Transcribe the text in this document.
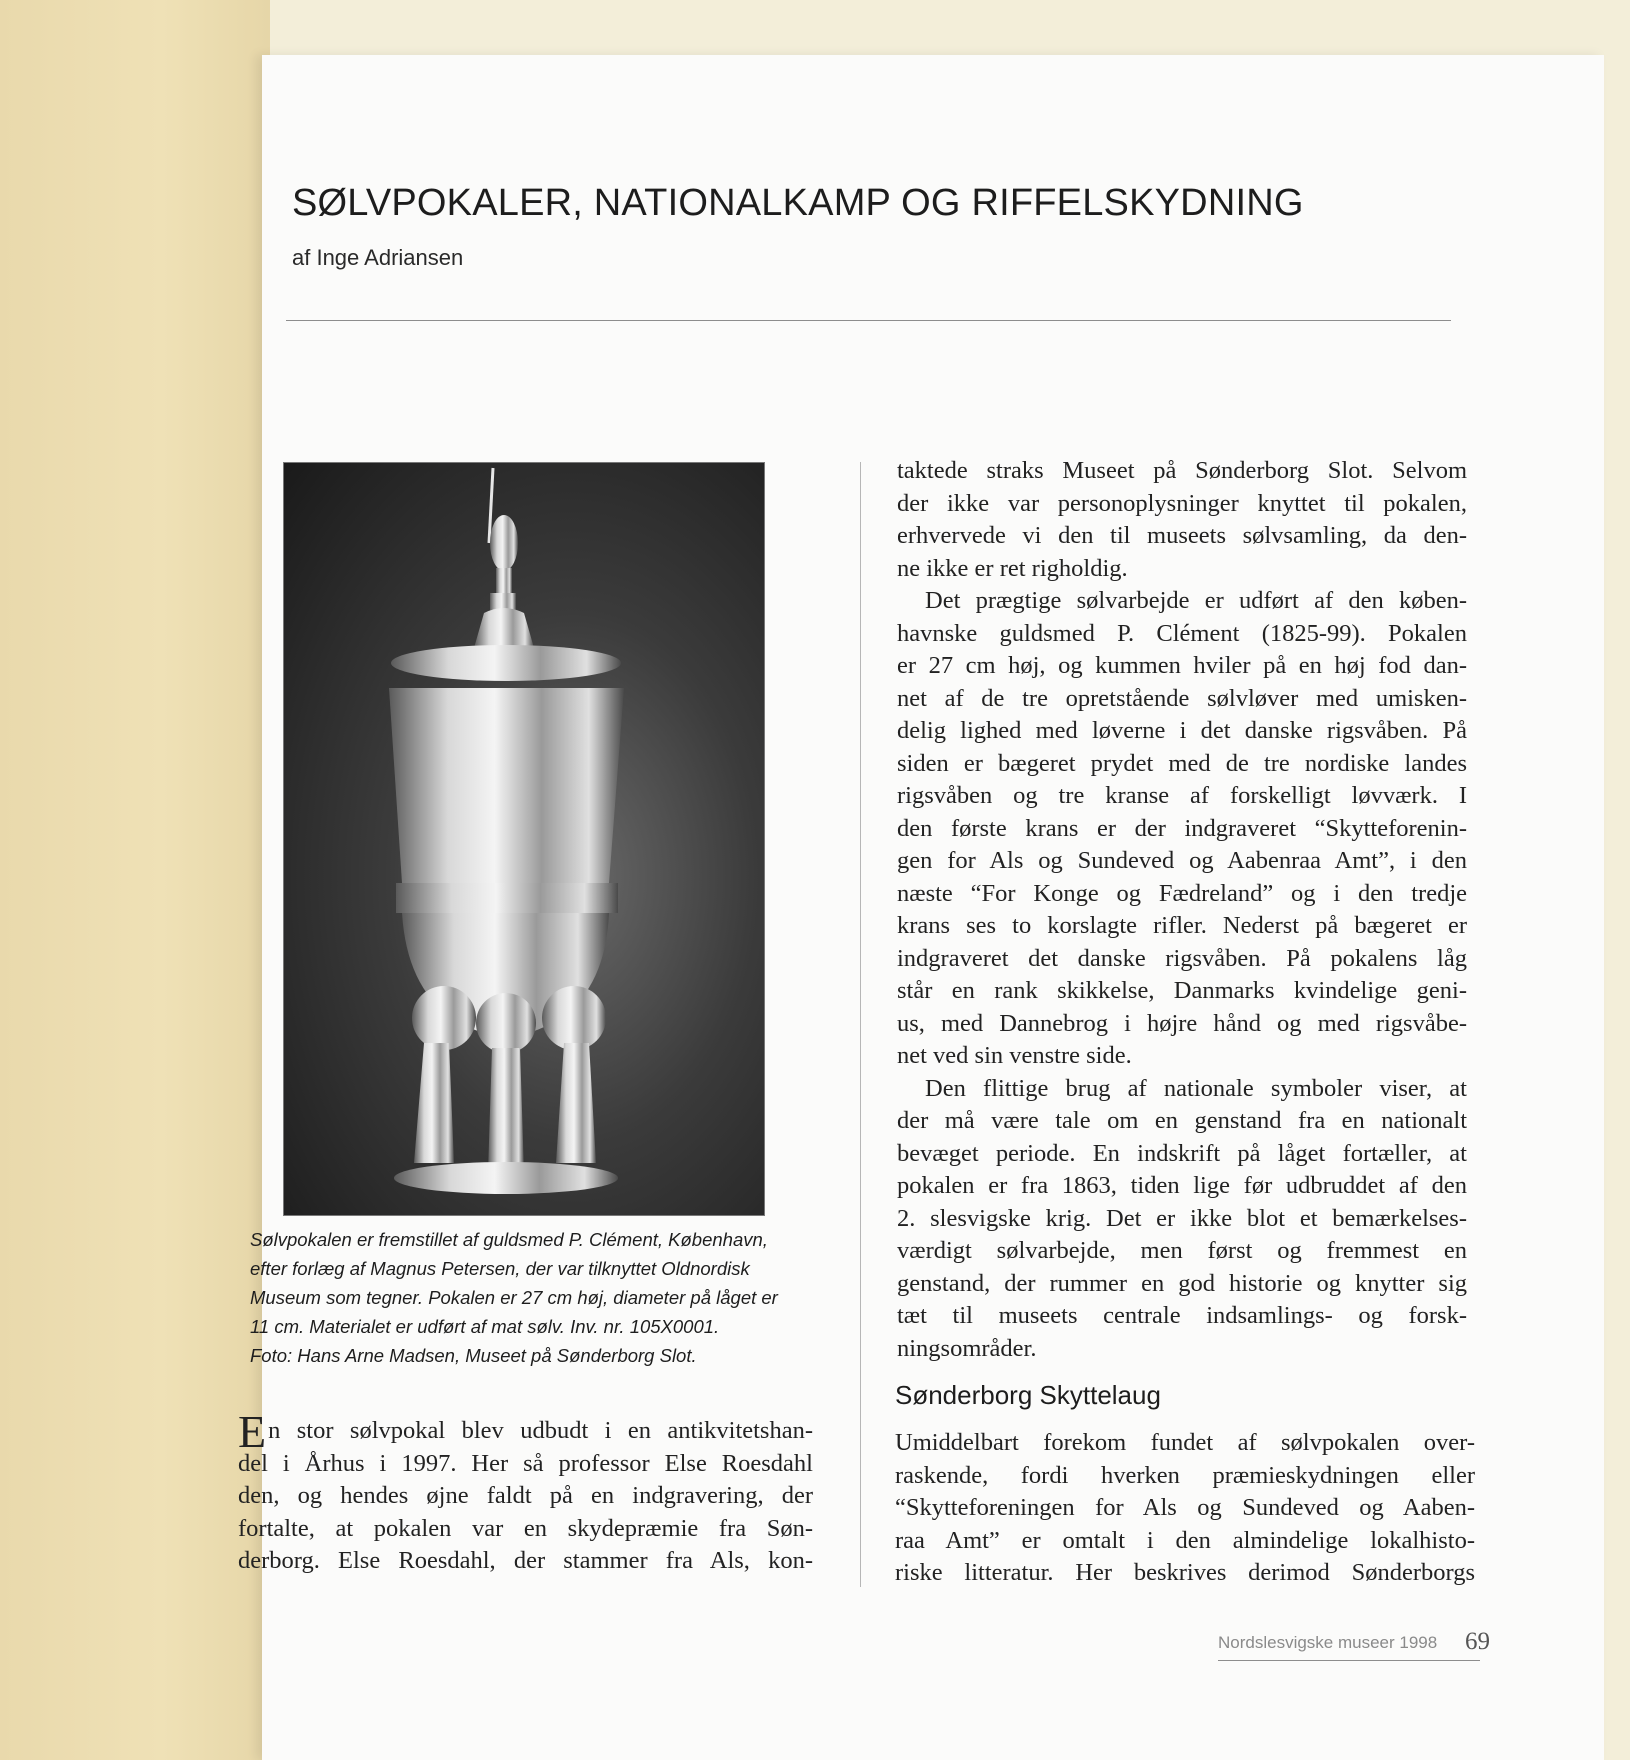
SØLVPOKALER, NATIONALKAMP OG RIFFELSKYDNING
af Inge Adriansen
Sølvpokalen er fremstillet af guldsmed P. Clément, København,
efter forlæg af Magnus Petersen, der var tilknyttet Oldnordisk
Museum som tegner. Pokalen er 27 cm høj, diameter på låget er
11 cm. Materialet er udført af mat sølv. Inv. nr. 105X0001.
Foto: Hans Arne Madsen, Museet på Sønderborg Slot.
En stor sølvpokal blev udbudt i en antikvitetshan-
del i Århus i 1997. Her så professor Else Roesdahl
den, og hendes øjne faldt på en indgravering, der
fortalte, at pokalen var en skydepræmie fra Søn-
derborg. Else Roesdahl, der stammer fra Als, kon-
taktede straks Museet på Sønderborg Slot. Selvom
der ikke var personoplysninger knyttet til pokalen,
erhvervede vi den til museets sølvsamling, da den-
ne ikke er ret righoldig.
Det prægtige sølvarbejde er udført af den køben-
havnske guldsmed P. Clément (1825-99). Pokalen
er 27 cm høj, og kummen hviler på en høj fod dan-
net af de tre opretstående sølvløver med umisken-
delig lighed med løverne i det danske rigsvåben. På
siden er bægeret prydet med de tre nordiske landes
rigsvåben og tre kranse af forskelligt løvværk. I
den første krans er der indgraveret “Skytteforenin-
gen for Als og Sundeved og Aabenraa Amt”, i den
næste “For Konge og Fædreland” og i den tredje
krans ses to korslagte rifler. Nederst på bægeret er
indgraveret det danske rigsvåben. På pokalens låg
står en rank skikkelse, Danmarks kvindelige geni-
us, med Dannebrog i højre hånd og med rigsvåbe-
net ved sin venstre side.
Den flittige brug af nationale symboler viser, at
der må være tale om en genstand fra en nationalt
bevæget periode. En indskrift på låget fortæller, at
pokalen er fra 1863, tiden lige før udbruddet af den
2. slesvigske krig. Det er ikke blot et bemærkelses-
værdigt sølvarbejde, men først og fremmest en
genstand, der rummer en god historie og knytter sig
tæt til museets centrale indsamlings- og forsk-
ningsområder.
Sønderborg Skyttelaug
Umiddelbart forekom fundet af sølvpokalen over-
raskende, fordi hverken præmieskydningen eller
“Skytteforeningen for Als og Sundeved og Aaben-
raa Amt” er omtalt i den almindelige lokalhisto-
riske litteratur. Her beskrives derimod Sønderborgs
Nordslesvigske museer 1998 69
